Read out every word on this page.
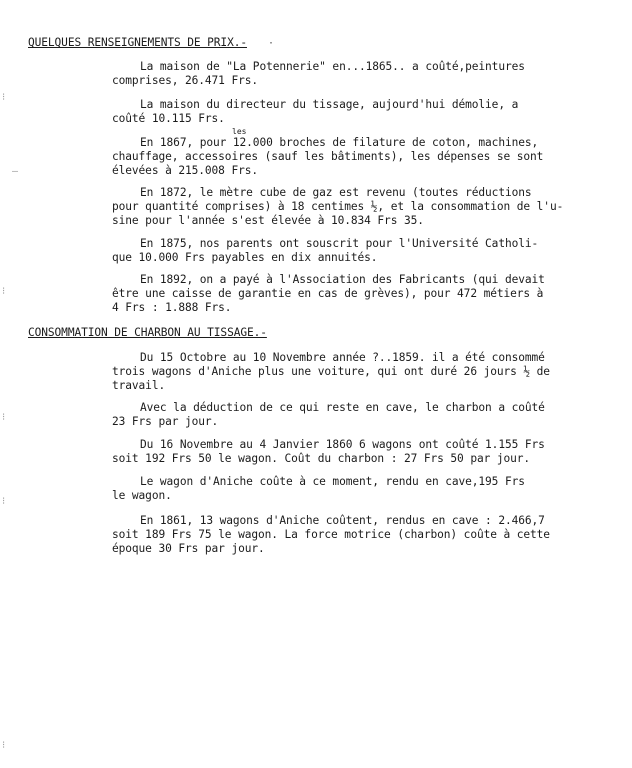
QUELQUES RENSEIGNEMENTS DE PRIX.-
La maison de "La Potennerie" en...1865.. a coûté,peintures
comprises, 26.471 Frs.
La maison du directeur du tissage, aujourd'hui démolie, a
coûté 10.115 Frs.
les
En 1867, pour 12.000 broches de filature de coton, machines,
chauffage, accessoires (sauf les bâtiments), les dépenses se sont
élevées à 215.008 Frs.
En 1872, le mètre cube de gaz est revenu (toutes réductions
pour quantité comprises) à 18 centimes ½, et la consommation de l'u-
sine pour l'année s'est élevée à 10.834 Frs 35.
En 1875, nos parents ont souscrit pour l'Université Catholi-
que 10.000 Frs payables en dix annuités.
En 1892, on a payé à l'Association des Fabricants (qui devait
être une caisse de garantie en cas de grèves), pour 472 métiers à
4 Frs : 1.888 Frs.
CONSOMMATION DE CHARBON AU TISSAGE.-
Du 15 Octobre au 10 Novembre année ?..1859. il a été consommé
trois wagons d'Aniche plus une voiture, qui ont duré 26 jours ½ de
travail.
Avec la déduction de ce qui reste en cave, le charbon a coûté
23 Frs par jour.
Du 16 Novembre au 4 Janvier 1860 6 wagons ont coûté 1.155 Frs
soit 192 Frs 50 le wagon. Coût du charbon : 27 Frs 50 par jour.
Le wagon d'Aniche coûte à ce moment, rendu en cave,195 Frs
le wagon.
En 1861, 13 wagons d'Aniche coûtent, rendus en cave : 2.466,7
soit 189 Frs 75 le wagon. La force motrice (charbon) coûte à cette
époque 30 Frs par jour.
⁝
–
⁝
⁝
⁝
⁝
·
